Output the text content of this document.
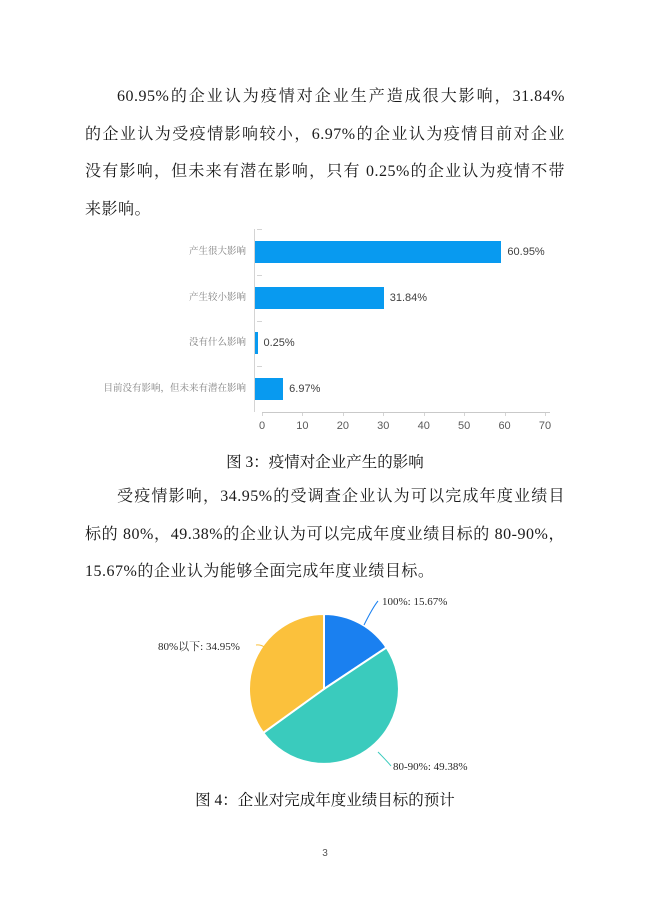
60.95%的企业认为疫情对企业生产造成很大影响，31.84%
的企业认为受疫情影响较小，6.97%的企业认为疫情目前对企业
没有影响，但未来有潜在影响，只有 0.25%的企业认为疫情不带
来影响。
产生很大影响	60.95%
产生较小影响	31.84%
没有什么影响	0.25%
目前没有影响，但未来有潜在影响	6.97%
0	10	20	30	40	50	60	70
图 3：疫情对企业产生的影响
受疫情影响，34.95%的受调查企业认为可以完成年度业绩目
标的 80%，49.38%的企业认为可以完成年度业绩目标的 80-90%，
15.67%的企业认为能够全面完成年度业绩目标。
100%: 15.67%
80-90%: 49.38%
80%以下: 34.95%
图 4：企业对完成年度业绩目标的预计
3
